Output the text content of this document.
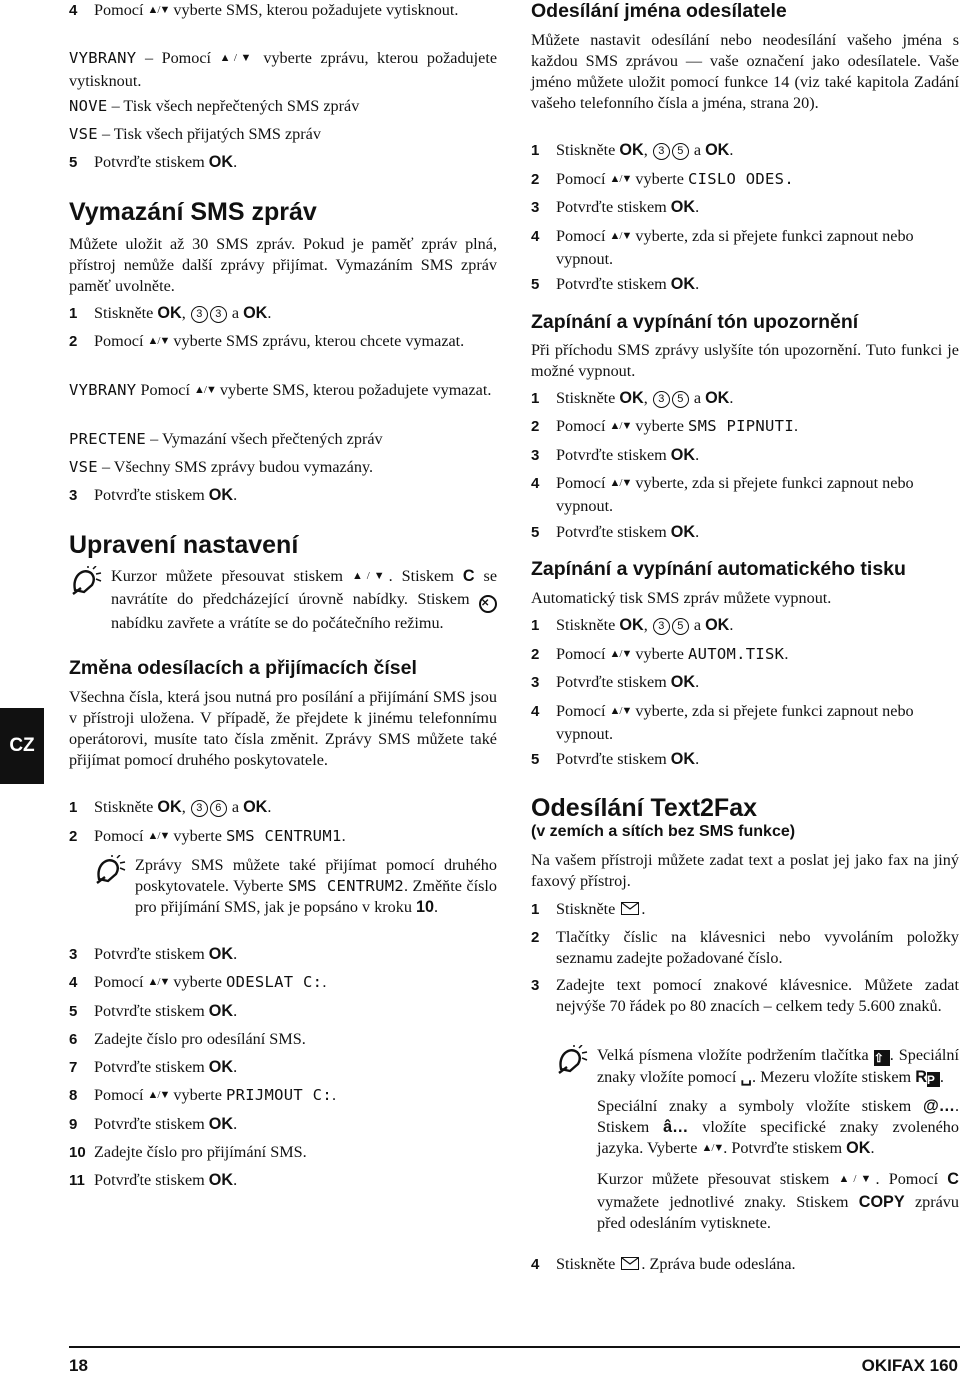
CZ
4	Pomocí ▲/▼ vyberte SMS, kterou požadujete vytisknout.
VYBRANY – Pomocí ▲/▼ vyberte zprávu, kterou požadujete vytisknout.
NOVE – Tisk všech nepřečtených SMS zpráv
VSE – Tisk všech přijatých SMS zpráv
5	Potvrďte stiskem OK.
Vymazání SMS zpráv
Můžete uložit až 30 SMS zpráv. Pokud je paměť zpráv plná, přístroj nemůže další zprávy přijímat. Vymazáním SMS zpráv paměť uvolněte.
1	Stiskněte OK, 3 3 a OK.
2	Pomocí ▲/▼ vyberte SMS zprávu, kterou chcete vymazat.
VYBRANY Pomocí ▲/▼ vyberte SMS, kterou požadujete vymazat.
PRECTENE – Vymazání všech přečtených zpráv
VSE – Všechny SMS zprávy budou vymazány.
3	Potvrďte stiskem OK.
Upravení nastavení
Kurzor můžete přesouvat stiskem ▲/▼. Stiskem C se navrátíte do předcházející úrovně nabídky. Stiskem ✕ nabídku zavřete a vrátíte se do počátečního režimu.
Změna odesílacích a přijímacích čísel
Všechna čísla, která jsou nutná pro posílání a přijímání SMS jsou v přístroji uložena. V případě, že přejdete k jinému telefonnímu operátorovi, musíte tato čísla změnit. Zprávy SMS můžete také přijímat pomocí druhého poskytovatele.
1	Stiskněte OK, 3 6 a OK.
2	Pomocí ▲/▼ vyberte SMS CENTRUM1.
Zprávy SMS můžete také přijímat pomocí druhého poskytovatele. Vyberte SMS CENTRUM2. Změňte číslo pro přijímání SMS, jak je popsáno v kroku 10.
3	Potvrďte stiskem OK.
4	Pomocí ▲/▼ vyberte ODESLAT C:.
5	Potvrďte stiskem OK.
6	Zadejte číslo pro odesílání SMS.
7	Potvrďte stiskem OK.
8	Pomocí ▲/▼ vyberte PRIJMOUT C:.
9	Potvrďte stiskem OK.
10 Zadejte číslo pro přijímání SMS.
11 Potvrďte stiskem OK.
Odesílání jména odesílatele
Můžete nastavit odesílání nebo neodesílání vašeho jména s každou SMS zprávou — vaše označení jako odesílatele. Vaše jméno můžete uložit pomocí funkce 14 (viz také kapitola Zadání vašeho telefonního čísla a jména, strana 20).
1	Stiskněte OK, 3 5 a OK.
2	Pomocí ▲/▼ vyberte CISLO ODES.
3	Potvrďte stiskem OK.
4	Pomocí ▲/▼ vyberte, zda si přejete funkci zapnout nebo vypnout.
5	Potvrďte stiskem OK.
Zapínání a vypínání tón upozornění
Při příchodu SMS zprávy uslyšíte tón upozornění. Tuto funkci je možné vypnout.
1	Stiskněte OK, 3 5 a OK.
2	Pomocí ▲/▼ vyberte SMS PIPNUTI.
3	Potvrďte stiskem OK.
4	Pomocí ▲/▼ vyberte, zda si přejete funkci zapnout nebo vypnout.
5	Potvrďte stiskem OK.
Zapínání a vypínání automatického tisku
Automatický tisk SMS zpráv můžete vypnout.
1	Stiskněte OK, 3 5 a OK.
2	Pomocí ▲/▼ vyberte AUTOM.TISK.
3	Potvrďte stiskem OK.
4	Pomocí ▲/▼ vyberte, zda si přejete funkci zapnout nebo vypnout.
5	Potvrďte stiskem OK.
Odesílání Text2Fax
(v zemích a sítích bez SMS funkce)
Na vašem přístroji můžete zadat text a poslat jej jako fax na jiný faxový přístroj.
1	Stiskněte
.
2	Tlačítky číslic na klávesnici nebo vyvoláním položky seznamu zadejte požadované číslo.
3	Zadejte text pomocí znakové klávesnice. Můžete zadat nejvýše 70 řádek po 80 znacích – celkem tedy 5.600 znaků.
Velká písmena vložíte podržením tlačítka ⇧ . Speciální znaky vložíte pomocí ␣. Mezeru vložíte stiskem RP .
Speciální znaky a symboly vložíte stiskem @…. Stiskem â… vložíte specifické znaky zvoleného jazyka. Vyberte ▲/▼. Potvrďte stiskem OK.
Kurzor můžete přesouvat stiskem ▲/▼. Pomocí C vymažete jednotlivé znaky. Stiskem COPY zprávu před odesláním vytisknete.
4	Stiskněte
. Zpráva bude odeslána.
18	OKIFAX 160
